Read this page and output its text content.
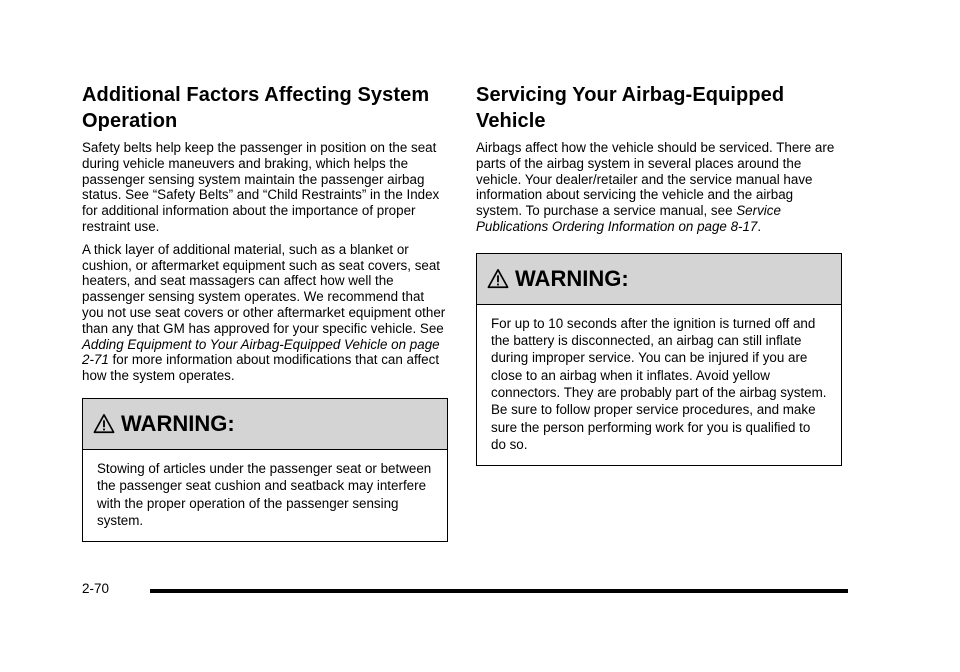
Additional Factors Affecting System Operation

Safety belts help keep the passenger in position on the seat during vehicle maneuvers and braking, which helps the passenger sensing system maintain the passenger airbag status. See “Safety Belts” and “Child Restraints” in the Index for additional information about the importance of proper restraint use.

A thick layer of additional material, such as a blanket or cushion, or aftermarket equipment such as seat covers, seat heaters, and seat massagers can affect how well the passenger sensing system operates. We recommend that you not use seat covers or other aftermarket equipment other than any that GM has approved for your specific vehicle. See Adding Equipment to Your Airbag-Equipped Vehicle on page 2-71 for more information about modifications that can affect how the system operates.

WARNING:

Stowing of articles under the passenger seat or between the passenger seat cushion and seatback may interfere with the proper operation of the passenger sensing system.

Servicing Your Airbag-Equipped Vehicle

Airbags affect how the vehicle should be serviced. There are parts of the airbag system in several places around the vehicle. Your dealer/retailer and the service manual have information about servicing the vehicle and the airbag system. To purchase a service manual, see Service Publications Ordering Information on page 8-17.

WARNING:

For up to 10 seconds after the ignition is turned off and the battery is disconnected, an airbag can still inflate during improper service. You can be injured if you are close to an airbag when it inflates. Avoid yellow connectors. They are probably part of the airbag system. Be sure to follow proper service procedures, and make sure the person performing work for you is qualified to do so.

2-70
